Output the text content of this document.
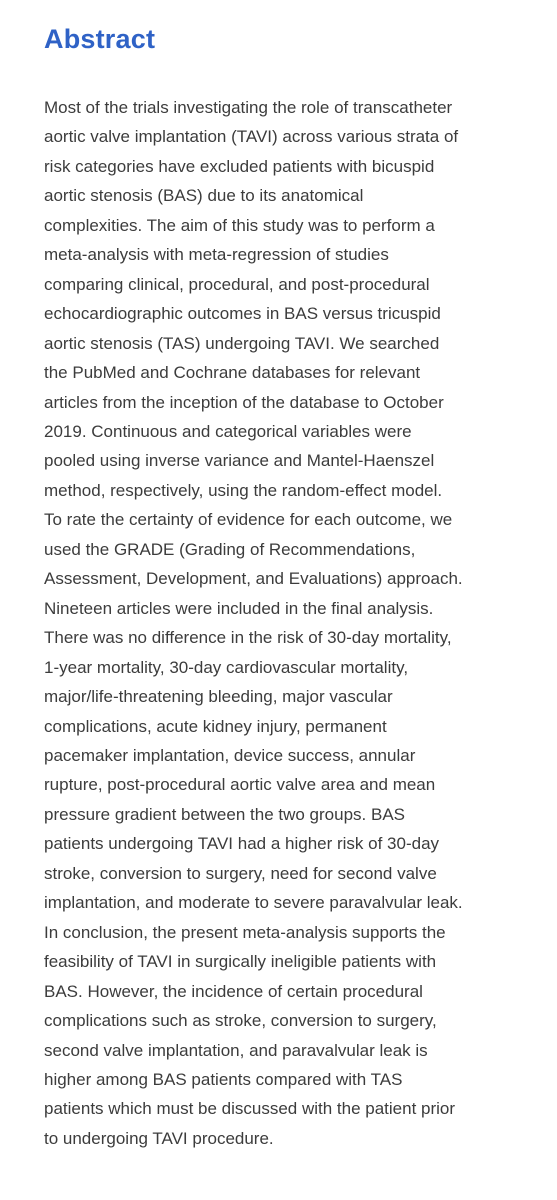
Abstract

Most of the trials investigating the role of transcatheter
aortic valve implantation (TAVI) across various strata of
risk categories have excluded patients with bicuspid
aortic stenosis (BAS) due to its anatomical
complexities. The aim of this study was to perform a
meta-analysis with meta-regression of studies
comparing clinical, procedural, and post-procedural
echocardiographic outcomes in BAS versus tricuspid
aortic stenosis (TAS) undergoing TAVI. We searched
the PubMed and Cochrane databases for relevant
articles from the inception of the database to October
2019. Continuous and categorical variables were
pooled using inverse variance and Mantel-Haenszel
method, respectively, using the random-effect model.
To rate the certainty of evidence for each outcome, we
used the GRADE (Grading of Recommendations,
Assessment, Development, and Evaluations) approach.
Nineteen articles were included in the final analysis.
There was no difference in the risk of 30-day mortality,
1-year mortality, 30-day cardiovascular mortality,
major/life-threatening bleeding, major vascular
complications, acute kidney injury, permanent
pacemaker implantation, device success, annular
rupture, post-procedural aortic valve area and mean
pressure gradient between the two groups. BAS
patients undergoing TAVI had a higher risk of 30-day
stroke, conversion to surgery, need for second valve
implantation, and moderate to severe paravalvular leak.
In conclusion, the present meta-analysis supports the
feasibility of TAVI in surgically ineligible patients with
BAS. However, the incidence of certain procedural
complications such as stroke, conversion to surgery,
second valve implantation, and paravalvular leak is
higher among BAS patients compared with TAS
patients which must be discussed with the patient prior
to undergoing TAVI procedure.
